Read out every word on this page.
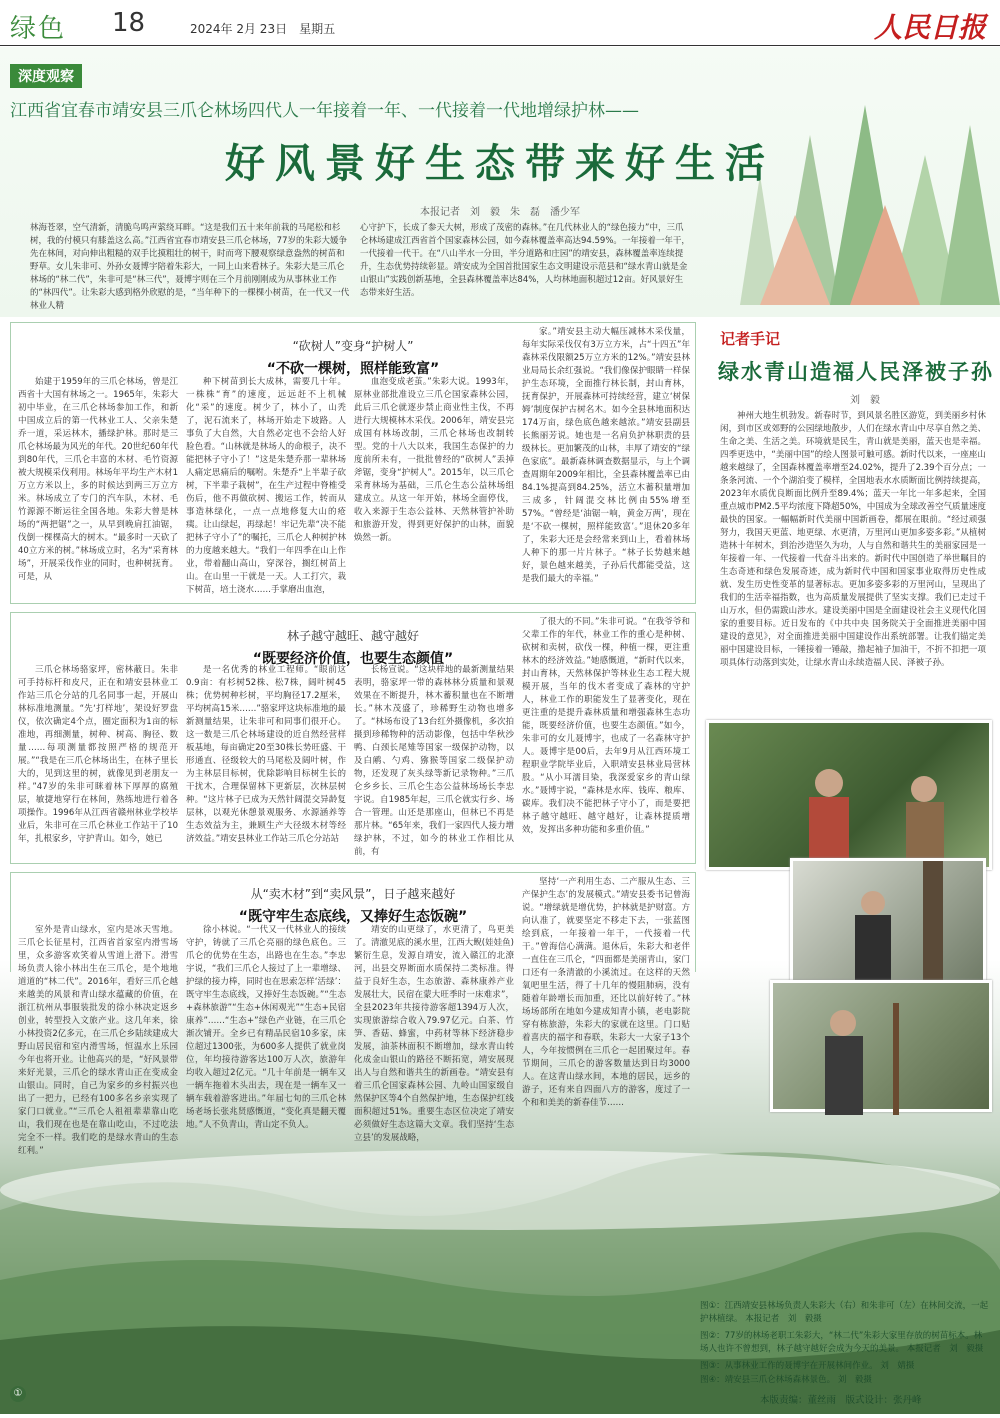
绿色 18	2024年 2月 23日　星期五	人民日报
深度观察
江西省宜春市靖安县三爪仑林场四代人一年接着一年、一代接着一代地增绿护林——
好风景好生态带来好生活
本报记者　刘　毅　朱　磊　潘少军
林海苍翠，空气清新，清脆鸟鸣声萦绕耳畔。“这是我们五十来年前栽的马尾松和杉树，我的付模只有膝盖这么高。”江西省宜春市靖安县三爪仑林场，77岁的朱彩大媛争先在林间，对向伸出粗糙的双手比摸粗壮的树干，时而弯下腰观察绿意盎然的树苗和野草。女儿朱非可、外孙女聂博宇陪着朱彩大，一同上山来看林子。朱彩大是三爪仑林场的“林二代”，朱非可是“林三代”，聂博宇则在三个月前刚刚成为从事林业工作的“林四代”。让朱彩大感到格外欣慰的是，“当年种下的一棵棵小树苗，在一代又一代林业人精
心守护下，长成了参天大树，形成了茂密的森林。”在几代林业人的“绿色接力”中，三爪仑林场建成江西省首个国家森林公园，如今森林覆盖率高达94.59%。一年接着一年干，一代接着一代干。在“八山半水一分田，半分道路和庄园”的靖安县，森林覆盖率连续提升，生态优势持续彰显。靖安成为全国首批国家生态文明建设示范县和“绿水青山就是金山银山”实践创新基地，全县森林覆盖率达84%，人均林地面积超过12亩。好风景好生态带来好生活。
“砍树人”变身“护树人”
“不砍一棵树，照样能致富”

始建于1959年的三爪仑林场，曾是江西省十大国有林场之一。1965年，朱彩大初中毕业，在三爪仑林场参加工作，和新中国成立后的第一代林业工人、父亲朱楚乔一道，采运林木，播绿护林。那时是三爪仑林场最为风光的年代。20世纪60年代到80年代，三爪仑丰富的木材、毛竹资源被大规模采伐利用。林场年平均生产木材1万立方米以上，多的时候达到两三万立方米。林场成立了专门的汽车队，木材、毛竹源源不断运往全国各地。朱彩大曾是林场的“两把锯”之一，从早到晚肩扛油锯，伐倒一棵棵高大的树木。“最多时一天砍了40立方米的树。”林场成立时，名为“采育林场”，开展采伐作业的同时，也种树抚育。可是，从

种下树苗到长大成林，需要几十年。一株株“育”的速度，远远赶不上机械化“采”的速度。树少了，林小了，山秃了，泥石流来了，林场开始走下坡路。人事负了大自然，大自然必定也不会给人好脸色看。“山林就是林场人的命根子，决不能把林子守小了！”这是朱楚乔那一辈林场人痛定思痛后的嘱咐。朱楚乔“上半辈子砍树，下半辈子栽树”，在生产过程中脊椎受伤后，他不再做砍树、搬运工作，转而从事造林绿化，一点一点地修复大山的疮痍。让山绿起，再绿起！牢记先辈“决不能把林子守小了”的嘱托，三爪仑人种树护林的力度越来越大。“我们一年四季在山上作业，带着翻山高山，穿深谷，搁红树苗上山。在山里一干就是一天。人工打穴，栽下树苗，培土浇水……手掌磨出血泡，

血泡变成老茧。”朱彩大说。1993年，原林业部批准设立三爪仑国家森林公园，此后三爪仑就逐步禁止商业性主伐，不再进行大规模林木采伐。2006年，靖安县完成国有林场改制，三爪仑林场也改制转型。党的十八大以来，我国生态保护的力度前所未有，一批批曾经的“砍树人”丢掉斧锯，变身“护树人”。2015年，以三爪仑采育林场为基础，三爪仑生态公益林场组建成立。从这一年开始，林场全面停伐，收入来源于生态公益林、天然林管护补助和旅游开发，得到更好保护的山林，面貌焕然一新。

家。”靖安县主动大幅压减林木采伐量，每年实际采伐仅有3万立方米，占“十四五”年森林采伐限额25万立方米的12%。”靖安县林业局局长余红强说。“我们像保护眼睛一样保护生态环境，全面推行林长制，封山育林，抚育保护，开展森林可持续经营，建立‘树保姆’制度保护古树名木。如今全县林地面积达174万亩，绿色底色越来越浓。”靖安县副县长熊丽芳说。她也是一名肩负护林职责的县级林长。更加繁茂的山林，丰厚了靖安的“绿色家底”。最新森林调查数据显示，与上个调查周期年2009年相比，全县森林覆盖率已由84.1%提高到84.25%，活立木蓄积量增加三成多，针阔混交林比例由55%增至57%。“曾经是‘油锯一响，黄金万两’，现在是‘不砍一棵树，照样能致富’。”退休20多年了，朱彩大还是会经常来到山上，看着林场人种下的那一片片林子。“林子长势越来越好，景色越来越美，子孙后代都能受益，这是我们最大的幸福。”

林子越守越旺、越守越好
“既要经济价值，也要生态颜值”

三爪仑林场骆家坪，密林蔽日。朱非可手持标杆和皮尺，正在和靖安县林业工作站三爪仑分站的几名同事一起，开展山林标准地测量。“先‘打样地’，架设好罗盘仪，依次确定4个点，圈定面积为1亩的标准地，再细测量，树种、树高、胸径、数量……每项测量都按照严格的规范开展。”“我是在三爪仑林场出生，在林子里长大的，见到这里的树，就像见到老朋友一样。”47岁的朱非可眯着林下厚厚的腐殖层，敏捷地穿行在林间，熟练地进行着各项操作。1996年从江西省赣州林业学校毕业后，朱非可在三爪仑林业工作站干了10年，扎根家乡，守护青山。如今，她已

是一名优秀的林业工程师。“眼前这0.9亩：有杉树52株、松7株，阔叶树45株；优势树种杉树，平均胸径17.2厘米，平均树高15米……”骆家坪这块标准地的最新测量结果，让朱非可和同事们很开心。这一数是三爪仑林场建设的近自然经营样板基地，每亩确定20至30株长势旺盛、干形通直、径级较大的马尾松及阔叶树，作为主林层目标树，优除影响目标树生长的干扰木，合理保留林下更新层，次林层树种。“这片林子已成为天然针阔混交异龄复层林，以观光休憩景观服务、水源涵养等生态效益为主，兼顾生产大径级木材等经济效益。”靖安县林业工作站三爪仑分站站

长杨宣说。“这块样地的最新测量结果表明，骆家坪一带的森林林分质量和景观效果在不断提升，林木蓄积量也在不断增长。”林木茂盛了，珍稀野生动物也增多了。“林场布设了13台红外摄像机，多次拍摄到珍稀物种的活动影像，包括中华秋沙鸭、白颈长尾雉等国家一级保护动物，以及白鹇、勺鸡、猕猴等国家二级保护动物，还发现了灰头绿等新记录物种。”三爪仑乡乡长、三爪仑生态公益林场场长李忠宇说。自1985年起，三爪仑就实行乡、场合一管理。山还是那座山，但林已不再是那片林。“65年来，我们一家四代人接力增绿护林，不过，如今的林业工作相比从前，有

了很大的不同。”朱非可说。“在我爷爷和父辈工作的年代，林业工作的重心是种树、砍树和卖树，砍伐一棵，种植一棵，更注重林木的经济效益。”她感慨道，“新时代以来，封山育林，天然林保护等林业生态工程大规模开展，当年的伐木者变成了森林的守护人，林业工作的职能发生了显著变化，现在更注重的是提升森林质量和增强森林生态功能，既要经济价值，也要生态颜值。”如今，朱非可的女儿聂博宇，也成了一名森林守护人。聂博宇是00后，去年9月从江西环境工程职业学院毕业后，入职靖安县林业局营林股。“从小耳濡目染，我深爱家乡的青山绿水。”聂博宇说，“森林是水库、钱库、粮库、碳库。我们决不能把林子守小了，而是要把林子越守越旺、越守越好，让森林提质增效，发挥出多种功能和多重价值。”

从“卖木材”到“卖风景”，日子越来越好
“既守牢生态底线，又捧好生态饭碗”

室外是青山绿水，室内是冰天雪地。三爪仑长征星村，江西省首家室内滑雪场里，众多游客欢笑着从雪道上滑下。滑雪场负责人徐小林出生在三爪仑，是个地地道道的“林二代”。2016年，看好三爪仑越来越美的风景和青山绿水蕴藏的价值，在浙江杭州从事服装批发的徐小林决定返乡创业，转型投入文旅产业。这几年来，徐小林投资2亿多元，在三爪仑乡陆续建成大野山居民宿和室内滑雪场，恒温水上乐园今年也将开业。让他高兴的是，“好风景带来好光景，三爪仑的绿水青山正在变成金山银山。同时，自己为家乡的乡村振兴也出了一把力，已经有100多名乡亲实现了家门口就业。”“三爪仑人祖祖辈辈靠山吃山，我们现在也是在靠山吃山，不过吃法完全不一样。我们吃的是绿水青山的生态红利。”

徐小林说。“一代又一代林业人的接续守护，铸就了三爪仑亮丽的绿色底色。三爪仑的优势在生态，出路也在生态。”李忠宇说，“我们三爪仑人接过了上一辈增绿、护绿的接力棒，同时也在思索怎样‘活绿’：既守牢生态底线，又捧好生态饭碗。”“生态+森林旅游”“生态+休闲观光”“生态+民宿康养”……“生态+”绿色产业链，在三爪仑渐次铺开。全乡已有精品民宿10多家，床位超过1300张，为600多人提供了就业岗位，年均接待游客达100万人次，旅游年均收入超过2亿元。“几十年前是一辆车又一辆车拖着木头出去，现在是一辆车又一辆车载着游客进出。”年届七旬的三爪仑林场老场长张兆贤感慨道，“变化真是翻天覆地。”人不负青山，青山定不负人。

靖安的山更绿了，水更清了，鸟更美了。清澈见底的溪水里，江西大鲵(娃娃鱼)繁衍生息，发源自靖安，流入赣江的北潦河，出县交界断面水质保持二类标准。得益于良好生态，生态旅游、森林康养产业发展壮大，民宿在蒙大旺季时一床难求”，全县2023年共接待游客超1394万人次，实现旅游综合收入79.97亿元。白茶、竹笋、香菇、蜂蜜，中药材等林下经济稳步发展，油茶林面积不断增加，绿水青山转化成金山银山的路径不断拓宽，靖安展现出人与自然和谐共生的新画卷。“靖安县有着三爪仑国家森林公园、九岭山国家级自然保护区等4个自然保护地，生态保护红线面积超过51%。重要生态区位决定了靖安必须做好生态这篇大文章。我们坚持‘生态立县’的发展战略，

坚持‘一产利用生态、二产服从生态、三产保护生态’的发展模式。”靖安县委书记曾海说。“增绿就是增优势，护林就是护财富。方向认准了，就要坚定不移走下去，一张蓝图绘到底，一年接着一年干，一代接着一代干。”曾海信心满满。退休后，朱彩大和老伴一直住在三爪仑，“四面都是美丽青山，家门口还有一条清澈的小溪流过。在这样的天然氧吧里生活，得了十几年的慢阻肺病，没有随着年龄增长而加重，还比以前好转了。”林场场部所在地如今建成知青小镇，老电影院穿有栋旅游，朱彩大的家就在这里。门口贴着喜庆的福字和春联，朱彩大一大家子13个人，今年按惯例在三爪仑一起团聚过年。春节期间，三爪仑的游客数量达到日均3000人。在这青山绿水间，本地的居民，远乡的游子，还有来自四面八方的游客，度过了一个和和美美的新春佳节……

记者手记
绿水青山造福人民泽被子孙
刘　毅

神州大地生机勃发。新春时节，到风景名胜区游览，到美丽乡村休闲，到市区或郊野的公园绿地散步，人们在绿水青山中尽享自然之美、生命之美、生活之美。环境就是民生，青山就是美丽，蓝天也是幸福。四季更迭中，“美丽中国”的绘人图景可触可感。新时代以来，一座座山越来越绿了，全国森林覆盖率增至24.02%，提升了2.39个百分点；一条条河流、一个个湖泊变了模样，全国地表水水质断面比例持续提高，2023年水质优良断面比例升至89.4%；蓝天一年比一年多起来，全国重点城市PM2.5平均浓度下降超50%，中国成为全球改善空气质量速度最快的国家。一幅幅新时代美丽中国新画卷，都展在眼前。“经过顽强努力，我国天更蓝、地更绿、水更清，万里河山更加多姿多彩。”从植树造林十年树木，到治沙造坚久为功，人与自然和谐共生的美丽家园是一年接着一年、一代接着一代奋斗出来的。新时代中国创造了举世瞩目的生态奇迹和绿色发展奇迹，成为新时代中国和国家事业取得历史性成就、发生历史性变革的显著标志。更加多姿多彩的万里河山，呈现出了我们的生活幸福指数，也为高质量发展提供了坚实支撑。我们已走过千山万水，但仍需跋山涉水。建设美丽中国是全面建设社会主义现代化国家的重要目标。近日发布的《中共中央 国务院关于全面推进美丽中国建设的意见》，对全面推进美丽中国建设作出系统部署。让我们锚定美丽中国建设目标，一锤接着一锤敲，撸起袖子加油干，不折不扣把一项项具体行动落到实处，让绿水青山永续造福人民、泽被子孙。

图①：江西靖安县林场负责人朱彩大（右）和朱非可（左）在林间交流，一起护林植绿。 本报记者　刘　毅摄
图②：77岁的林场老职工朱彩大，“林二代”朱彩大家里存放的树苗标本。林场人也许不曾想到，林子越守越好会成为今天的美景。 本报记者　刘　毅摄
图③：从事林业工作的聂博宇在开展林间作业。 刘　婧摄
图④：靖安县三爪仑林场森林景色。 刘　毅摄
本版责编：董丝雨　版式设计：张丹峰
①
